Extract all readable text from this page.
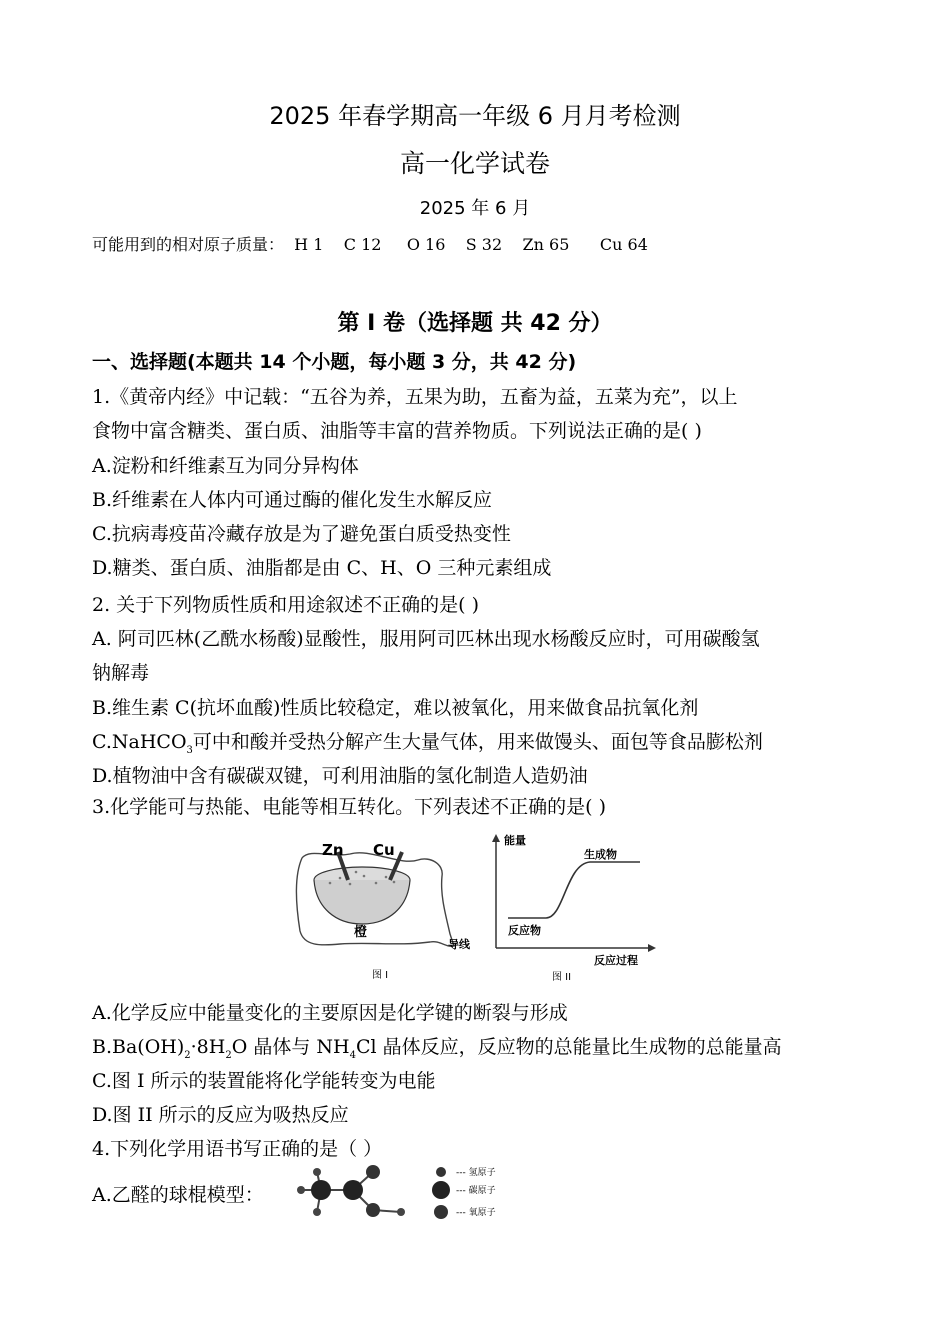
2025 年春学期高一年级 6 月月考检测
高一化学试卷
2025 年 6 月
可能用到的相对原子质量：  H 1    C 12     O 16    S 32    Zn 65      Cu 64
第 I 卷（选择题 共 42 分）
一、选择题(本题共 14 个小题，每小题 3 分，共 42 分)
1.《黄帝内经》中记载：“五谷为养，五果为助，五畜为益，五菜为充”，以上
食物中富含糖类、蛋白质、油脂等丰富的营养物质。下列说法正确的是( )
A.淀粉和纤维素互为同分异构体
B.纤维素在人体内可通过酶的催化发生水解反应
C.抗病毒疫苗冷藏存放是为了避免蛋白质受热变性
D.糖类、蛋白质、油脂都是由 C、H、O 三种元素组成
2. 关于下列物质性质和用途叙述不正确的是( )
A. 阿司匹林(乙酰水杨酸)显酸性，服用阿司匹林出现水杨酸反应时，可用碳酸氢
钠解毒
B.维生素 C(抗坏血酸)性质比较稳定，难以被氧化，用来做食品抗氧化剂
C.NaHCO$_3$可中和酸并受热分解产生大量气体，用来做馒头、面包等食品膨松剂
D.植物油中含有碳碳双键，可利用油脂的氢化制造人造奶油
3.化学能可与热能、电能等相互转化。下列表述不正确的是( )
Zn Cu
橙
导线
图 I
能量
生成物
反应物
反应过程
图 II
A.化学反应中能量变化的主要原因是化学键的断裂与形成
$B.Ba(OH)_2\cdot 8H_2O$ 晶体与 $NH_4Cl$ 晶体反应，反应物的总能量比生成物的总能量高
C.图 I 所示的装置能将化学能转变为电能
D.图 II 所示的反应为吸热反应
4.下列化学用语书写正确的是（ ）
A.乙醛的球棍模型：
--- 氢原子
--- 碳原子
--- 氧原子
